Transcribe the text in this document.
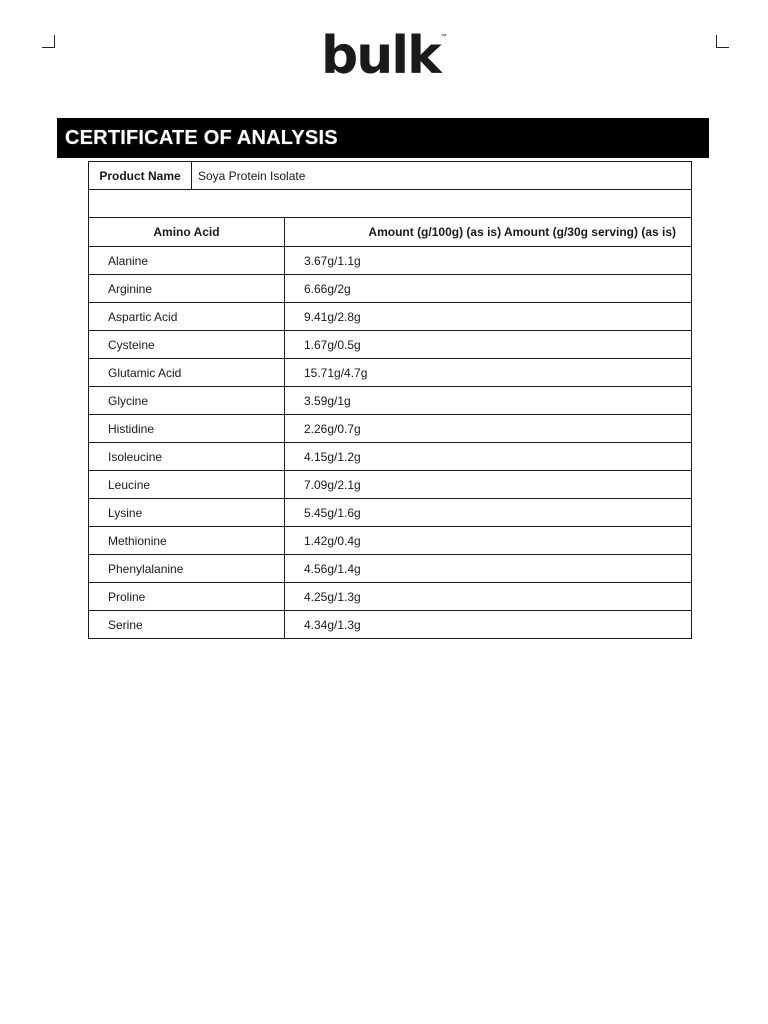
bulk ™
CERTIFICATE OF ANALYSIS
Product Name	Soya Protein Isolate	

Amino Acid		Amount (g/100g) (as is) Amount (g/30g serving) (as is)
Alanine		3.67g/1.1g
Arginine		6.66g/2g
Aspartic Acid		9.41g/2.8g
Cysteine		1.67g/0.5g
Glutamic Acid		15.71g/4.7g
Glycine		3.59g/1g
Histidine		2.26g/0.7g
Isoleucine		4.15g/1.2g
Leucine		7.09g/2.1g
Lysine		5.45g/1.6g
Methionine		1.42g/0.4g
Phenylalanine		4.56g/1.4g
Proline		4.25g/1.3g
Serine		4.34g/1.3g
